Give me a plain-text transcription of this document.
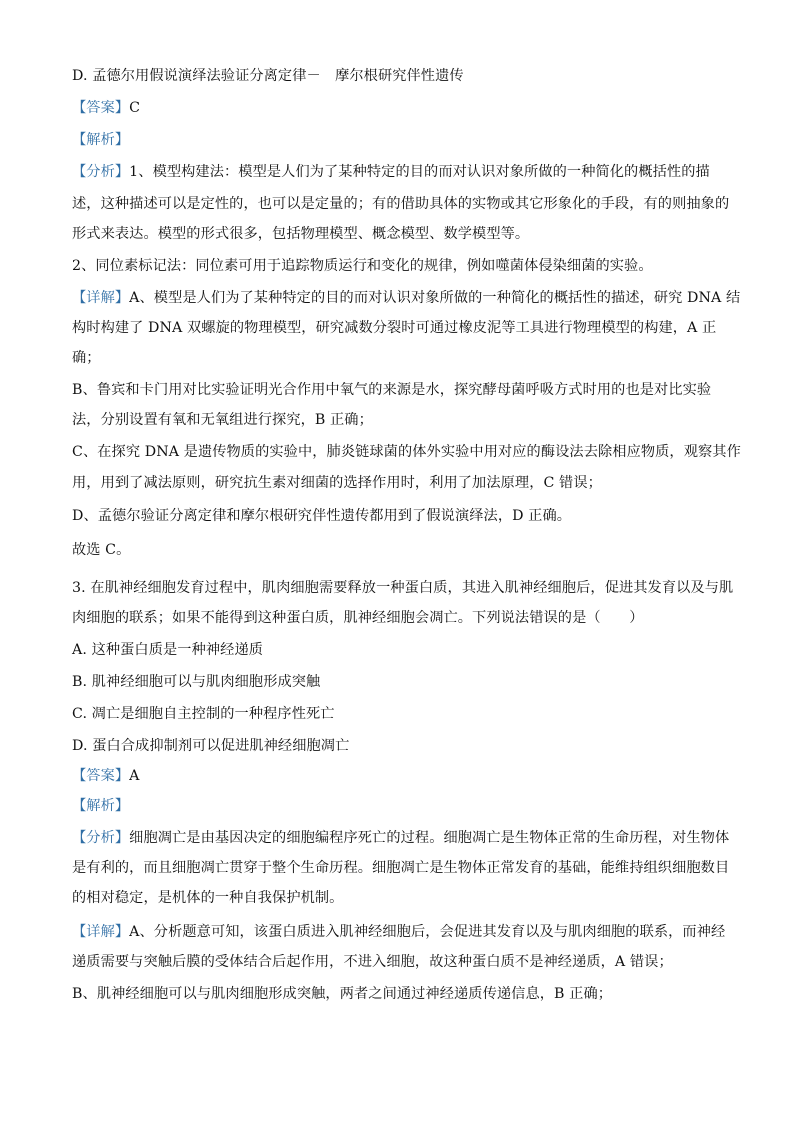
D. 孟德尔用假说演绎法验证分离定律－　摩尔根研究伴性遗传
【答案】C
【解析】
【分析】1、模型构建法：模型是人们为了某种特定的目的而对认识对象所做的一种简化的概括性的描
述，这种描述可以是定性的，也可以是定量的；有的借助具体的实物或其它形象化的手段，有的则抽象的
形式来表达。模型的形式很多，包括物理模型、概念模型、数学模型等。
2、同位素标记法：同位素可用于追踪物质运行和变化的规律，例如噬菌体侵染细菌的实验。
【详解】A、模型是人们为了某种特定的目的而对认识对象所做的一种简化的概括性的描述，研究 DNA 结
构时构建了 DNA 双螺旋的物理模型，研究减数分裂时可通过橡皮泥等工具进行物理模型的构建，A 正
确；
B、鲁宾和卡门用对比实验证明光合作用中氧气的来源是水，探究酵母菌呼吸方式时用的也是对比实验
法，分别设置有氧和无氧组进行探究，B 正确；
C、在探究 DNA 是遗传物质的实验中，肺炎链球菌的体外实验中用对应的酶设法去除相应物质，观察其作
用，用到了减法原则，研究抗生素对细菌的选择作用时，利用了加法原理，C 错误；
D、孟德尔验证分离定律和摩尔根研究伴性遗传都用到了假说演绎法，D 正确。
故选 C。
3. 在肌神经细胞发育过程中，肌肉细胞需要释放一种蛋白质，其进入肌神经细胞后，促进其发育以及与肌
肉细胞的联系；如果不能得到这种蛋白质，肌神经细胞会凋亡。下列说法错误的是（　　）
A. 这种蛋白质是一种神经递质
B. 肌神经细胞可以与肌肉细胞形成突触
C. 凋亡是细胞自主控制的一种程序性死亡
D. 蛋白合成抑制剂可以促进肌神经细胞凋亡
【答案】A
【解析】
【分析】细胞凋亡是由基因决定的细胞编程序死亡的过程。细胞凋亡是生物体正常的生命历程，对生物体
是有利的，而且细胞凋亡贯穿于整个生命历程。细胞凋亡是生物体正常发育的基础，能维持组织细胞数目
的相对稳定，是机体的一种自我保护机制。
【详解】A、分析题意可知，该蛋白质进入肌神经细胞后，会促进其发育以及与肌肉细胞的联系，而神经
递质需要与突触后膜的受体结合后起作用，不进入细胞，故这种蛋白质不是神经递质，A 错误；
B、肌神经细胞可以与肌肉细胞形成突触，两者之间通过神经递质传递信息，B 正确；
